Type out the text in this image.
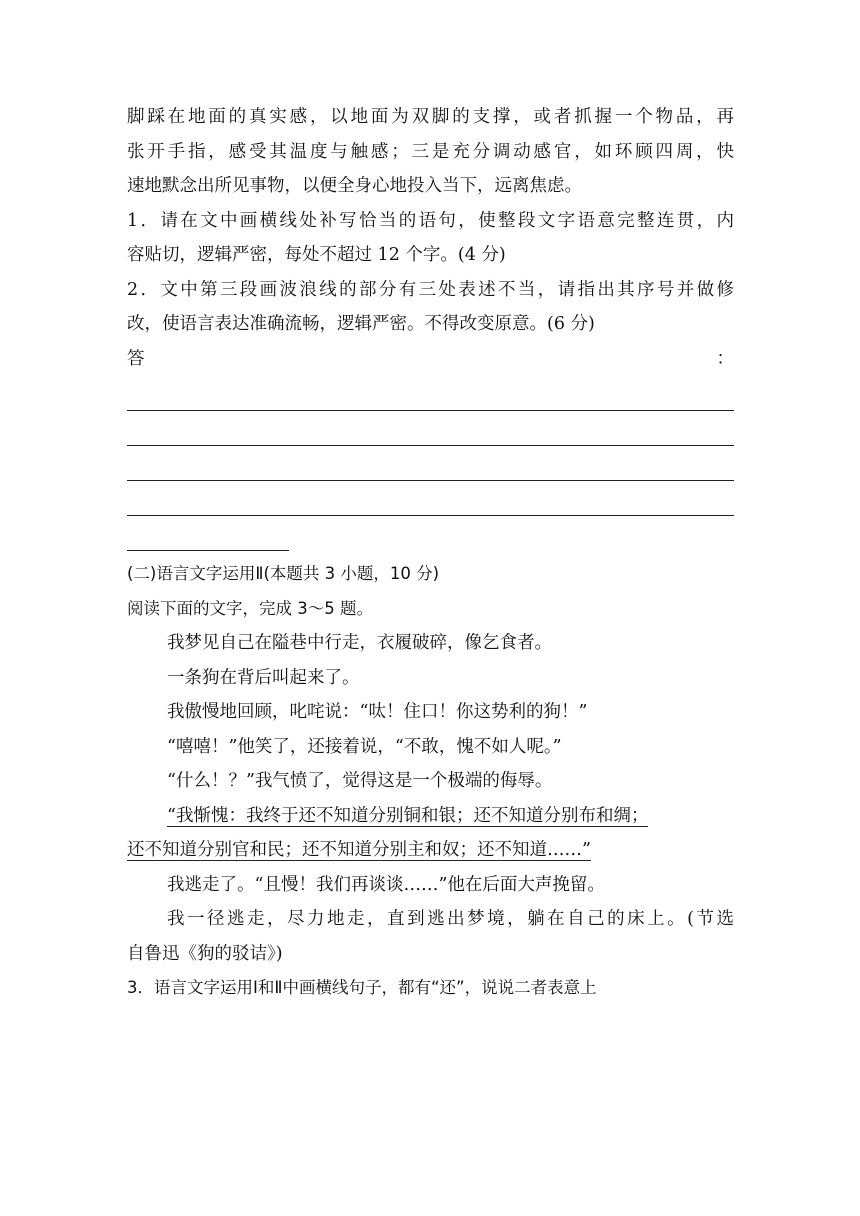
脚踩在地面的真实感，以地面为双脚的支撑，或者抓握一个物品，再
张开手指，感受其温度与触感；三是充分调动感官，如环顾四周，快
速地默念出所见事物，以便全身心地投入当下，远离焦虑。
1．请在文中画横线处补写恰当的语句，使整段文字语意完整连贯，内
容贴切，逻辑严密，每处不超过 12 个字。(4 分)
2．文中第三段画波浪线的部分有三处表述不当，请指出其序号并做修
改，使语言表达准确流畅，逻辑严密。不得改变原意。(6 分)
答	：
(二)语言文字运用Ⅱ(本题共 3 小题，10 分)
阅读下面的文字，完成 3～5 题。
我梦见自己在隘巷中行走，衣履破碎，像乞食者。
一条狗在背后叫起来了。
我傲慢地回顾，叱咤说：“呔！住口！你这势利的狗！”
“嘻嘻！”他笑了，还接着说，“不敢，愧不如人呢。”
“什么！？”我气愤了，觉得这是一个极端的侮辱。
“我惭愧：我终于还不知道分别铜和银；还不知道分别布和绸；
还不知道分别官和民；还不知道分别主和奴；还不知道……”
我逃走了。“且慢！我们再谈谈……”他在后面大声挽留。
我一径逃走，尽力地走，直到逃出梦境，躺在自己的床上。(节选
自鲁迅《狗的驳诘》)
3．语言文字运用Ⅰ和Ⅱ中画横线句子，都有“还”，说说二者表意上
